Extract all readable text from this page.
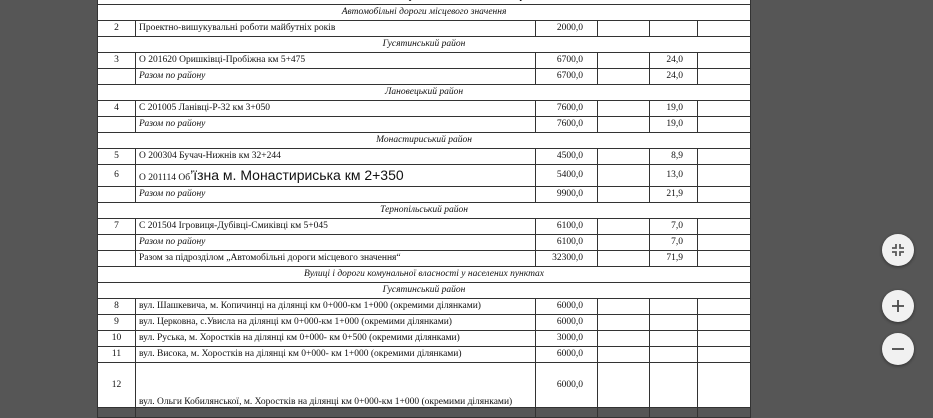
Автомобільні дороги місцевого значення						
2	Проектно-вишукувальні роботи майбутніх років	2000,0				
Гусятинський район						
3	О 201620 Оришківці-Пробіжна км 5+475	6700,0		24,0		
	Разом по району	6700,0		24,0		
Лановецький район						
4	С 201005 Ланівці-Р-32 км 3+050	7600,0		19,0		
	Разом по району	7600,0		19,0		
Монастириський район						
5	О 200304 Бучач-Нижнів км 32+244	4500,0		8,9		
6	О 201114 Об’їзна м. Монастириська км 2+350	5400,0		13,0		
	Разом по району	9900,0		21,9		
Тернопільський район						
7	С 201504 Ігровиця-Дубівці-Смиківці км 5+045	6100,0		7,0		
	Разом по району	6100,0		7,0		
	Разом за підрозділом „Автомобільні дороги місцевого значення“	32300,0		71,9		
Вулиці і дороги комунальної власності у населених пунктах						
Гусятинський район						
8	вул. Шашкевича, м. Копичинці на ділянці км 0+000-км 1+000 (окремими ділянками)	6000,0				
9	вул. Церковна, с.Увисла на ділянці км 0+000-км 1+000 (окремими ділянками)	6000,0				
10	вул. Руська, м. Хоростків на ділянці км 0+000- км 0+500 (окремими ділянками)	3000,0				
11	вул. Висока, м. Хоростків на ділянці км 0+000- км 1+000 (окремими ділянками)	6000,0				
12	вул. Ольги Кобилянської, м. Хоростків на ділянці км 0+000-км 1+000 (окремими ділянками)	6000,0				
